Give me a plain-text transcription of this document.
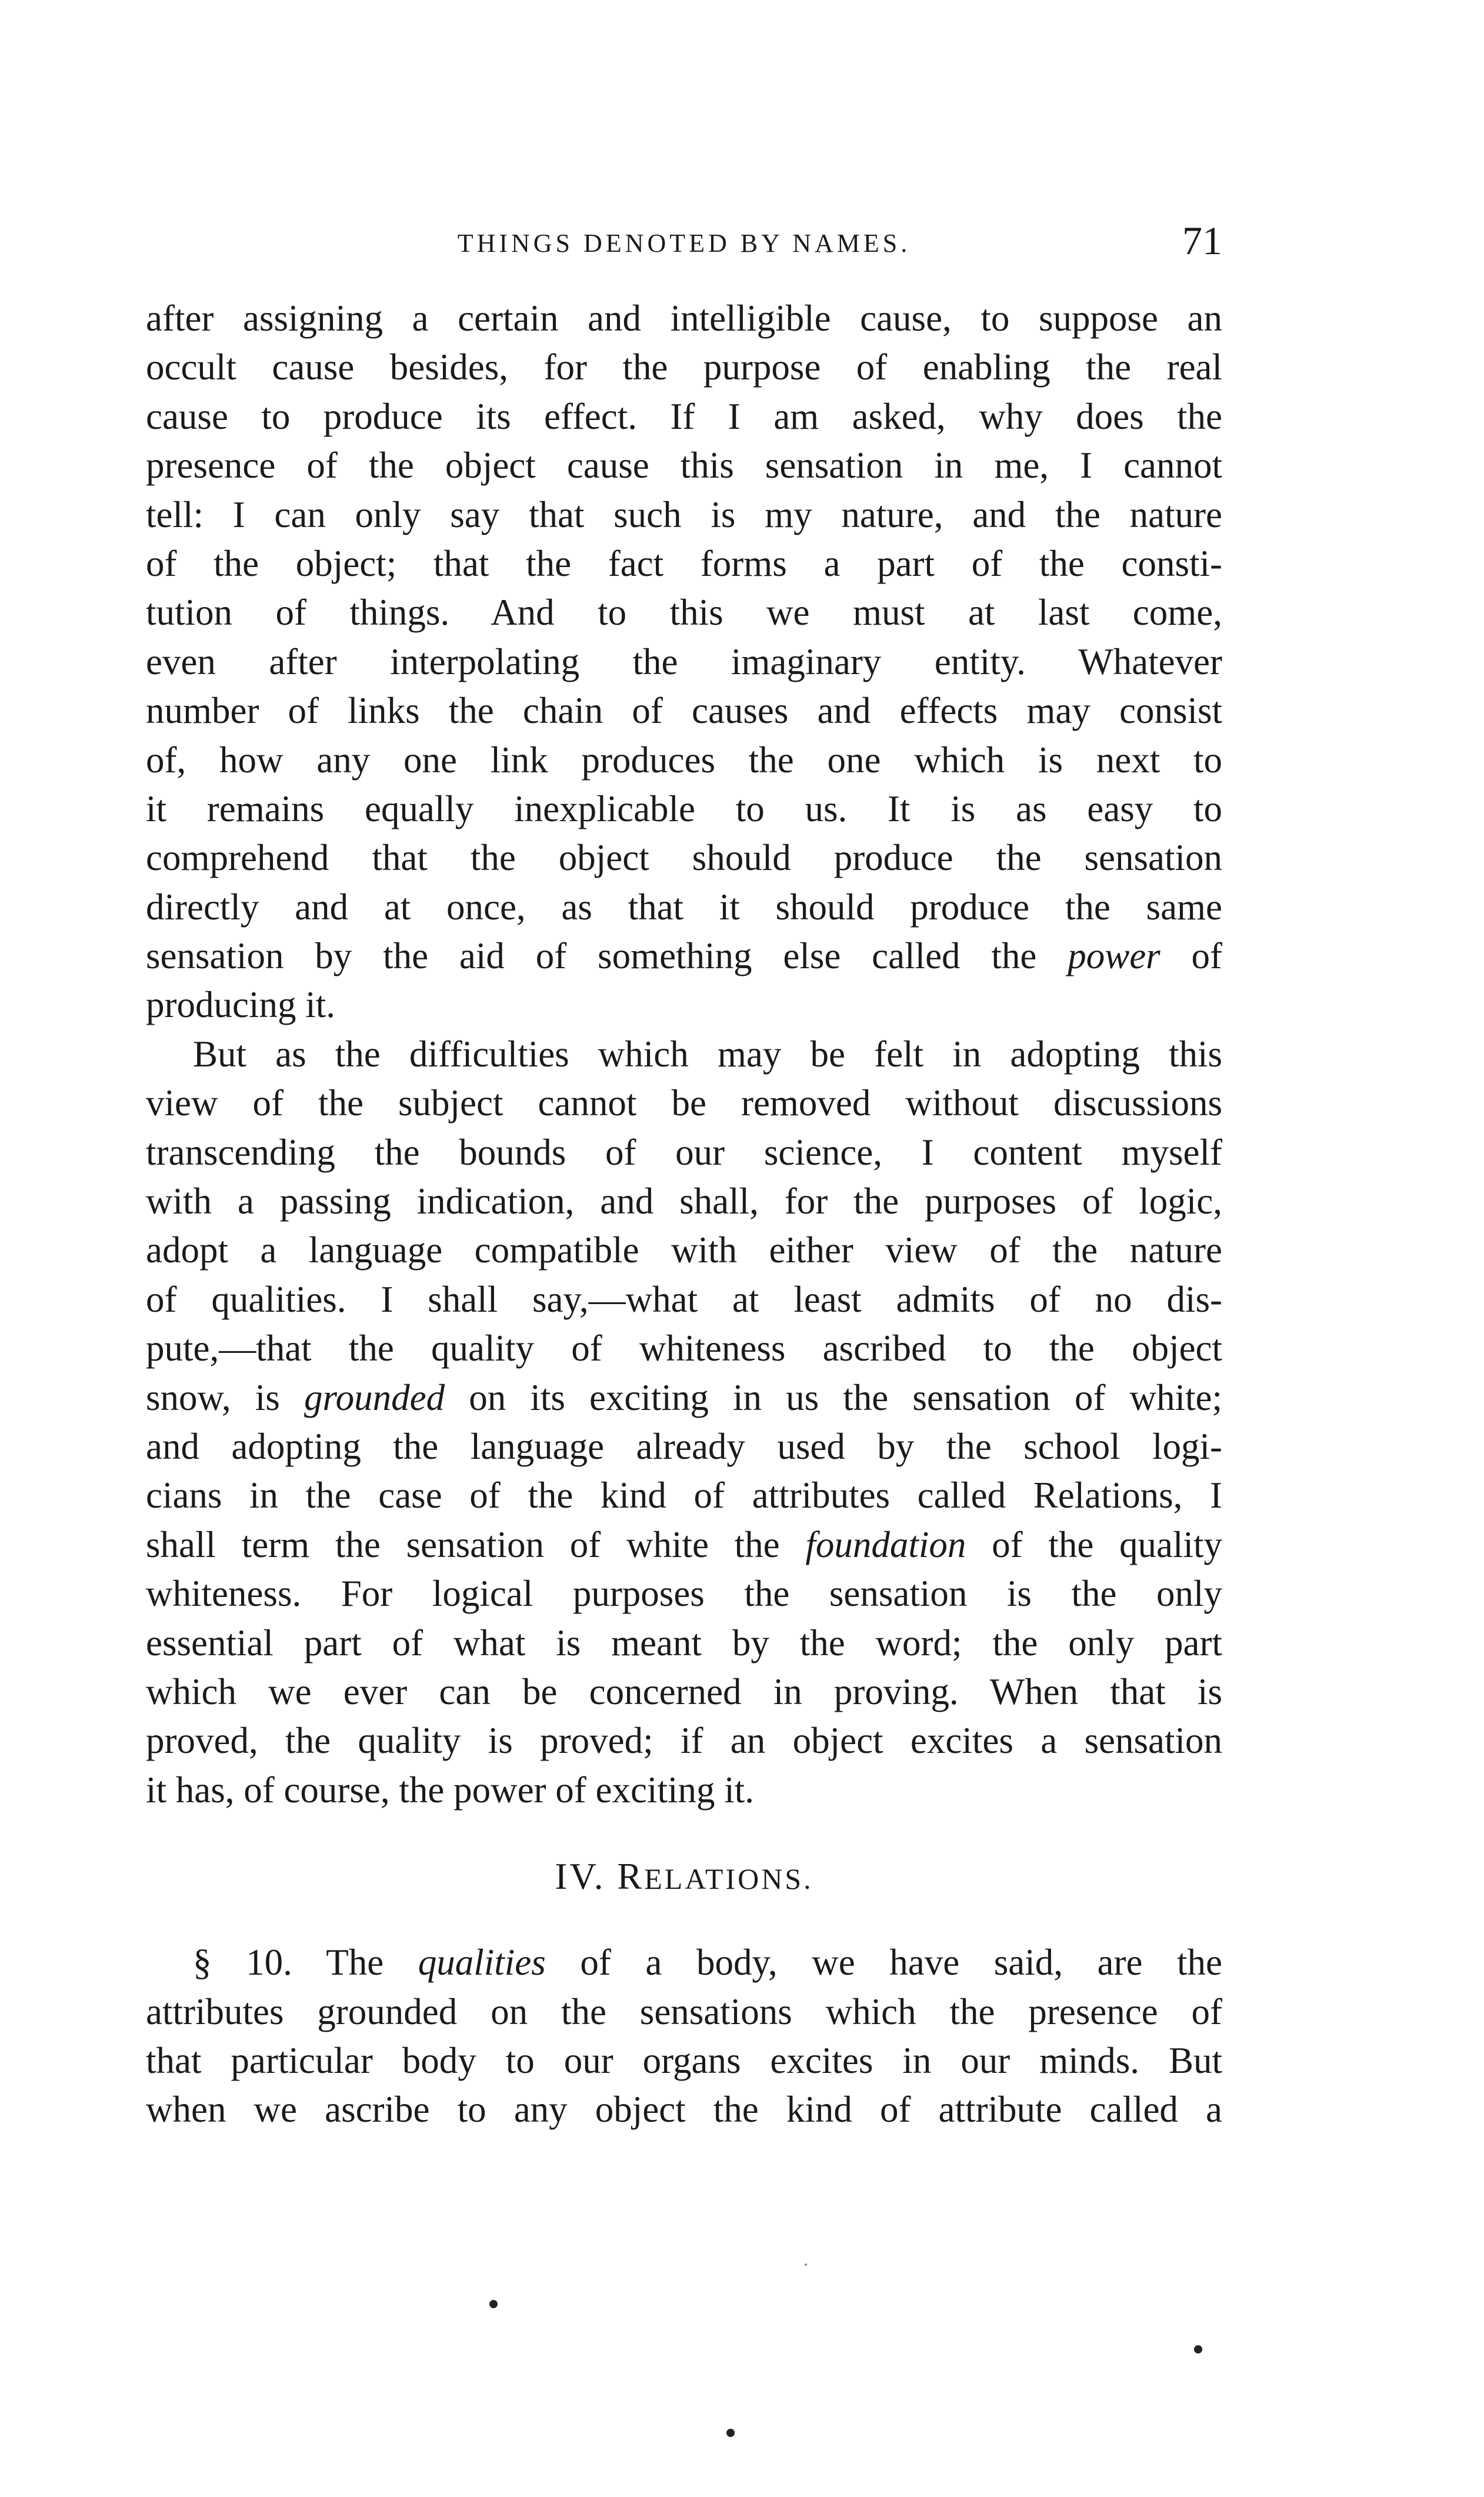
THINGS DENOTED BY NAMES.	71
after assigning a certain and intelligible cause, to suppose an
occult cause besides, for the purpose of enabling the real
cause to produce its effect. If I am asked, why does the
presence of the object cause this sensation in me, I cannot
tell: I can only say that such is my nature, and the nature
of the object; that the fact forms a part of the consti-
tution of things. And to this we must at last come,
even after interpolating the imaginary entity. Whatever
number of links the chain of causes and effects may consist
of, how any one link produces the one which is next to
it remains equally inexplicable to us. It is as easy to
comprehend that the object should produce the sensation
directly and at once, as that it should produce the same
sensation by the aid of something else called the power of
producing it.
But as the difficulties which may be felt in adopting this
view of the subject cannot be removed without discussions
transcending the bounds of our science, I content myself
with a passing indication, and shall, for the purposes of logic,
adopt a language compatible with either view of the nature
of qualities. I shall say,—what at least admits of no dis-
pute,—that the quality of whiteness ascribed to the object
snow, is grounded on its exciting in us the sensation of white;
and adopting the language already used by the school logi-
cians in the case of the kind of attributes called Relations, I
shall term the sensation of white the foundation of the quality
whiteness. For logical purposes the sensation is the only
essential part of what is meant by the word; the only part
which we ever can be concerned in proving. When that is
proved, the quality is proved; if an object excites a sensation
it has, of course, the power of exciting it.
IV. RELATIONS.
§ 10. The qualities of a body, we have said, are the
attributes grounded on the sensations which the presence of
that particular body to our organs excites in our minds. But
when we ascribe to any object the kind of attribute called a
